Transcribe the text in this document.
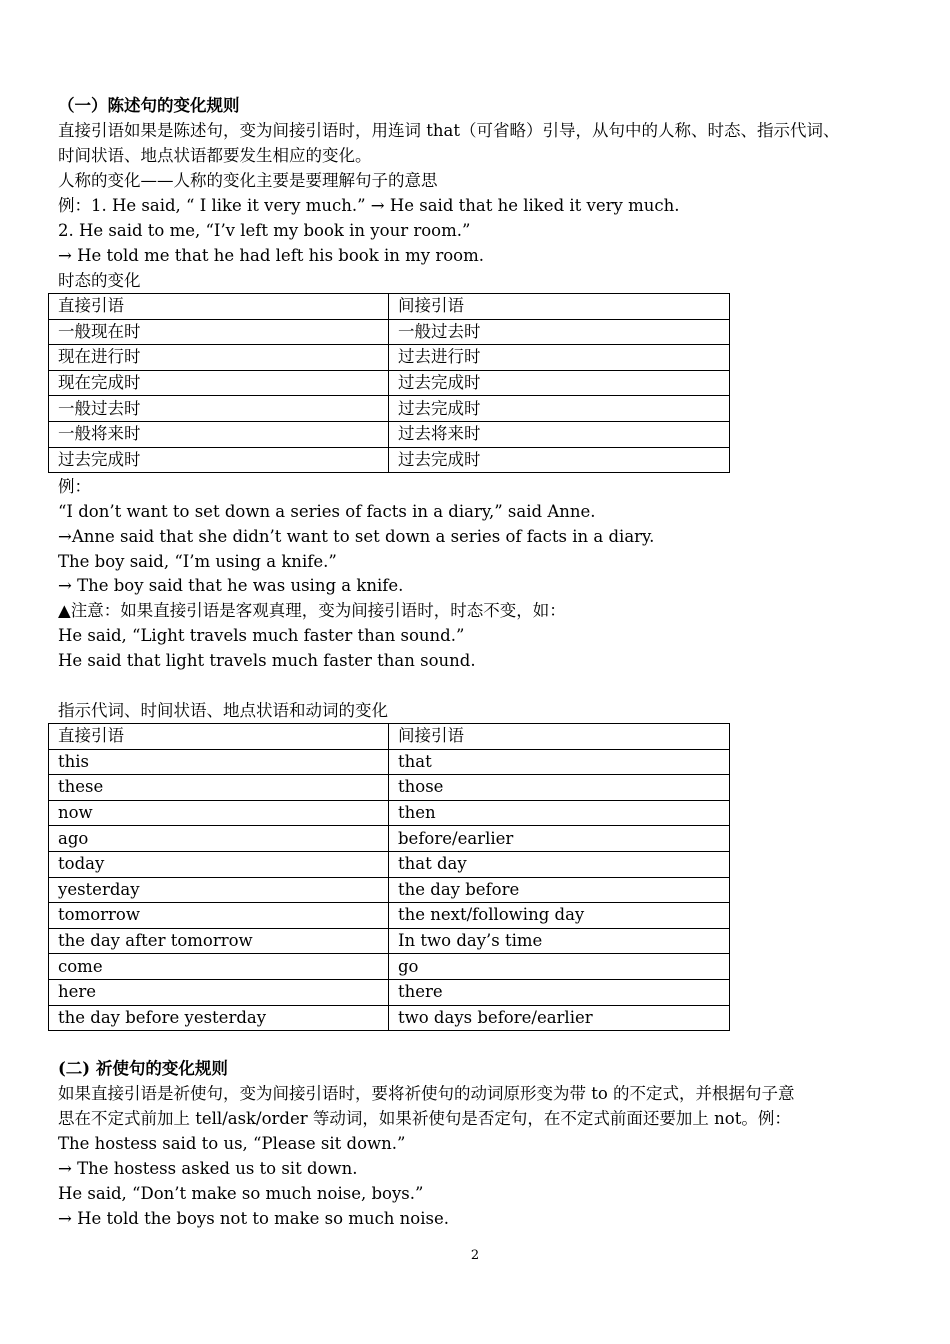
（一）陈述句的变化规则
直接引语如果是陈述句，变为间接引语时，用连词 that（可省略）引导，从句中的人称、时态、指示代词、
时间状语、地点状语都要发生相应的变化。
人称的变化——人称的变化主要是要理解句子的意思
例：1. He said, “ I like it very much.” → He said that he liked it very much.
2. He said to me, “I’v left my book in your room.”
→ He told me that he had left his book in my room.
时态的变化
直接引语	间接引语
一般现在时	一般过去时
现在进行时	过去进行时
现在完成时	过去完成时
一般过去时	过去完成时
一般将来时	过去将来时
过去完成时	过去完成时
例：
“I don’t want to set down a series of facts in a diary,” said Anne.
→Anne said that she didn’t want to set down a series of facts in a diary.
The boy said, “I’m using a knife.”
→ The boy said that he was using a knife.
▲注意：如果直接引语是客观真理，变为间接引语时，时态不变，如：
He said, “Light travels much faster than sound.”
He said that light travels much faster than sound.
指示代词、时间状语、地点状语和动词的变化
直接引语	间接引语
this	that
these	those
now	then
ago	before/earlier
today	that day
yesterday	the day before
tomorrow	the next/following day
the day after tomorrow	In two day’s time
come	go
here	there
the day before yesterday	two days before/earlier
(二) 祈使句的变化规则
如果直接引语是祈使句，变为间接引语时，要将祈使句的动词原形变为带 to 的不定式，并根据句子意
思在不定式前加上 tell/ask/order 等动词，如果祈使句是否定句，在不定式前面还要加上 not。例：
The hostess said to us, “Please sit down.”
→ The hostess asked us to sit down.
He said, “Don’t make so much noise, boys.”
→ He told the boys not to make so much noise.
2
